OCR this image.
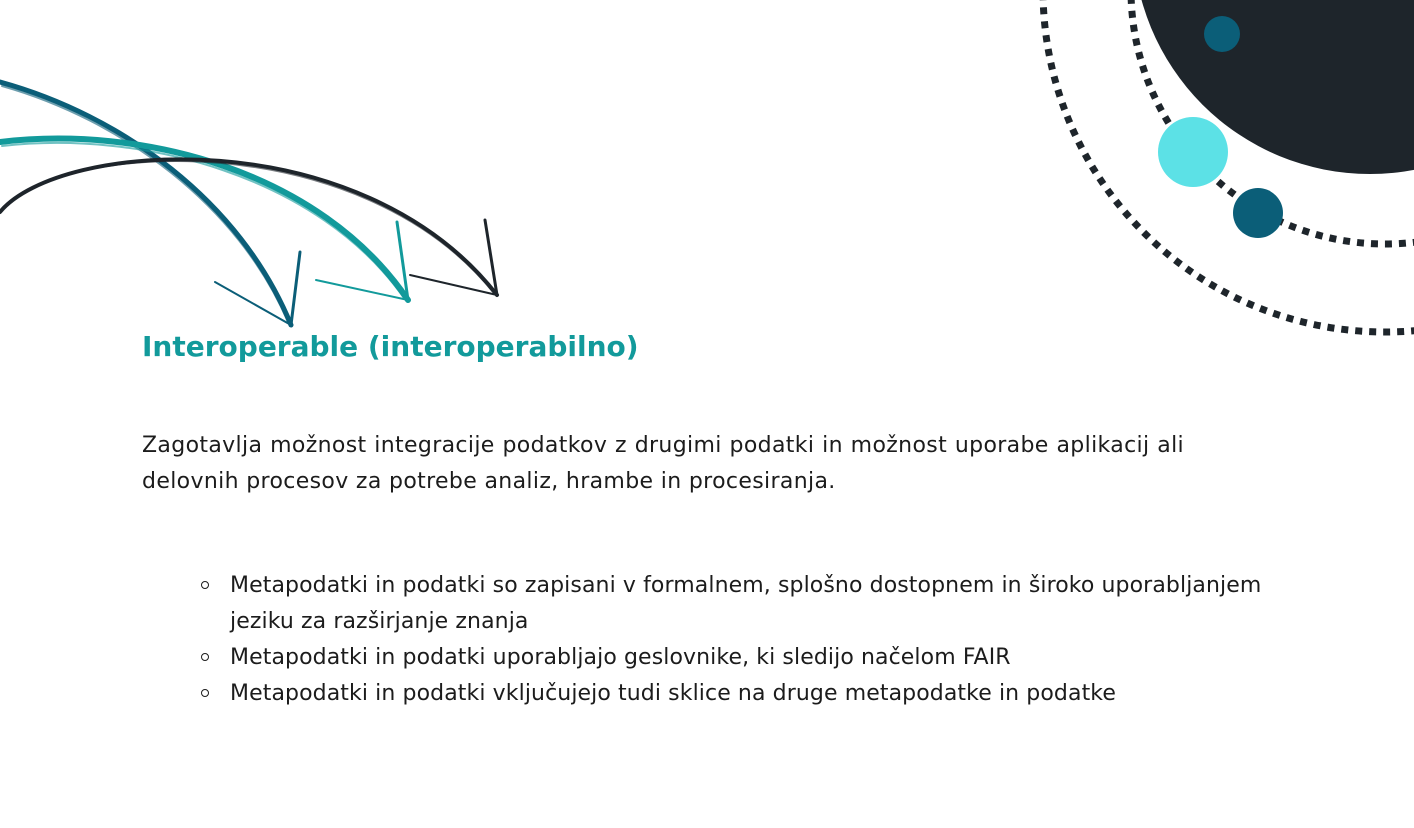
Interoperable (interoperabilno)

Zagotavlja možnost integracije podatkov z drugimi podatki in možnost uporabe aplikacij ali delovnih procesov za potrebe analiz, hrambe in procesiranja.

Metapodatki in podatki so zapisani v formalnem, splošno dostopnem in široko uporabljanjem jeziku za razširjanje znanja
Metapodatki in podatki uporabljajo geslovnike, ki sledijo načelom FAIR
Metapodatki in podatki vključujejo tudi sklice na druge metapodatke in podatke
